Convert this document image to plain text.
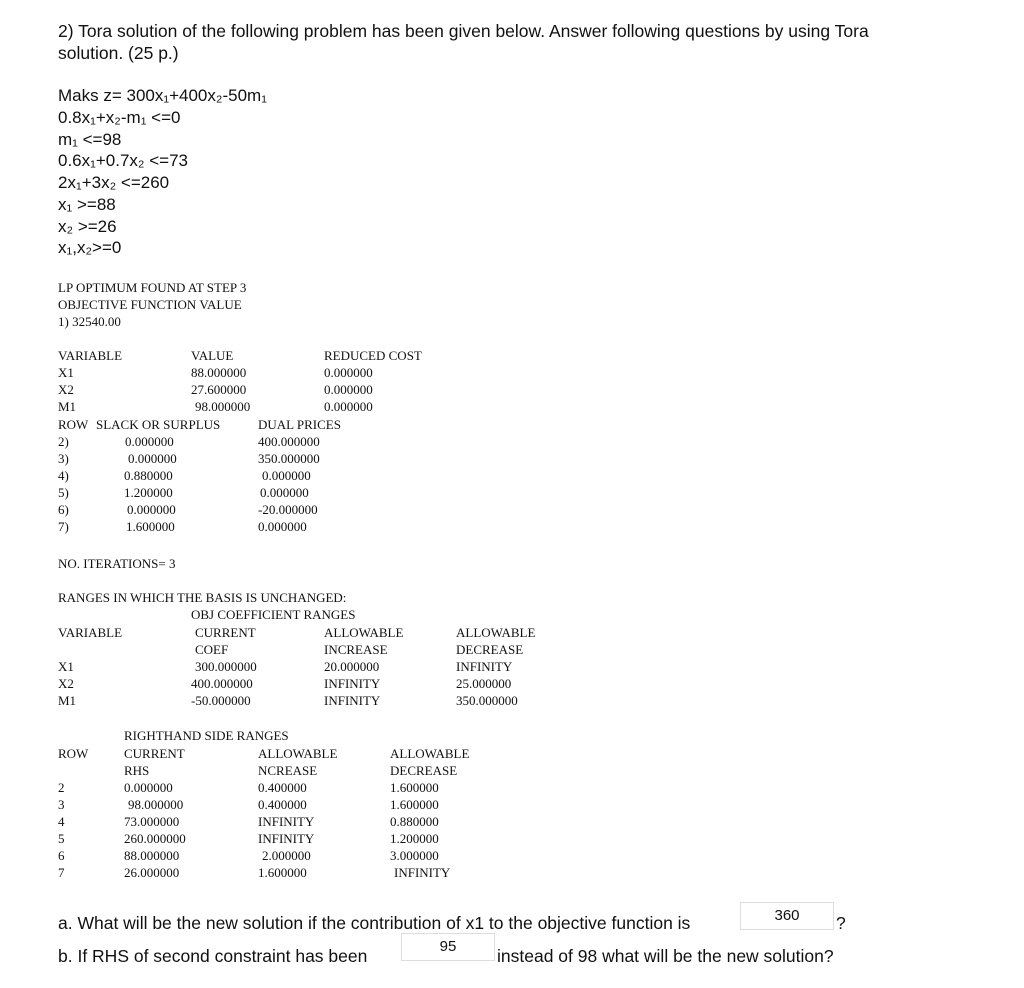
2) Tora solution of the following problem has been given below. Answer following questions by using Tora
solution. (25 p.)
Maks z= 300x₁+400x₂-50m₁
0.8x₁+x₂-m₁ <=0
m₁ <=98
0.6x₁+0.7x₂ <=73
2x₁+3x₂ <=260
x₁ >=88
x₂ >=26
x₁,x₂>=0
LP OPTIMUM FOUND AT STEP 3
OBJECTIVE FUNCTION VALUE
1) 32540.00
VARIABLE	VALUE	REDUCED COST
X1	88.000000	0.000000
X2	27.600000	0.000000
M1	98.000000	0.000000
ROW SLACK OR SURPLUS	DUAL PRICES
2)	0.000000	400.000000
3)	0.000000	350.000000
4)	0.880000	0.000000
5)	1.200000	0.000000
6)	0.000000	-20.000000
7)	1.600000	0.000000
NO. ITERATIONS= 3
RANGES IN WHICH THE BASIS IS UNCHANGED:
OBJ COEFFICIENT RANGES
VARIABLE	CURRENT	ALLOWABLE	ALLOWABLE
COEF	INCREASE	DECREASE
X1	300.000000	20.000000	INFINITY
X2	400.000000	INFINITY	25.000000
M1	-50.000000	INFINITY	350.000000
RIGHTHAND SIDE RANGES
ROW	CURRENT	ALLOWABLE	ALLOWABLE
RHS	NCREASE	DECREASE
2	0.000000	0.400000	1.600000
3	98.000000	0.400000	1.600000
4	73.000000	INFINITY	0.880000
5	260.000000	INFINITY	1.200000
6	88.000000	2.000000	3.000000
7	26.000000	1.600000	INFINITY
a. What will be the new solution if the contribution of x1 to the objective function is	360	?
b. If RHS of second constraint has been	95	instead of 98 what will be the new solution?
